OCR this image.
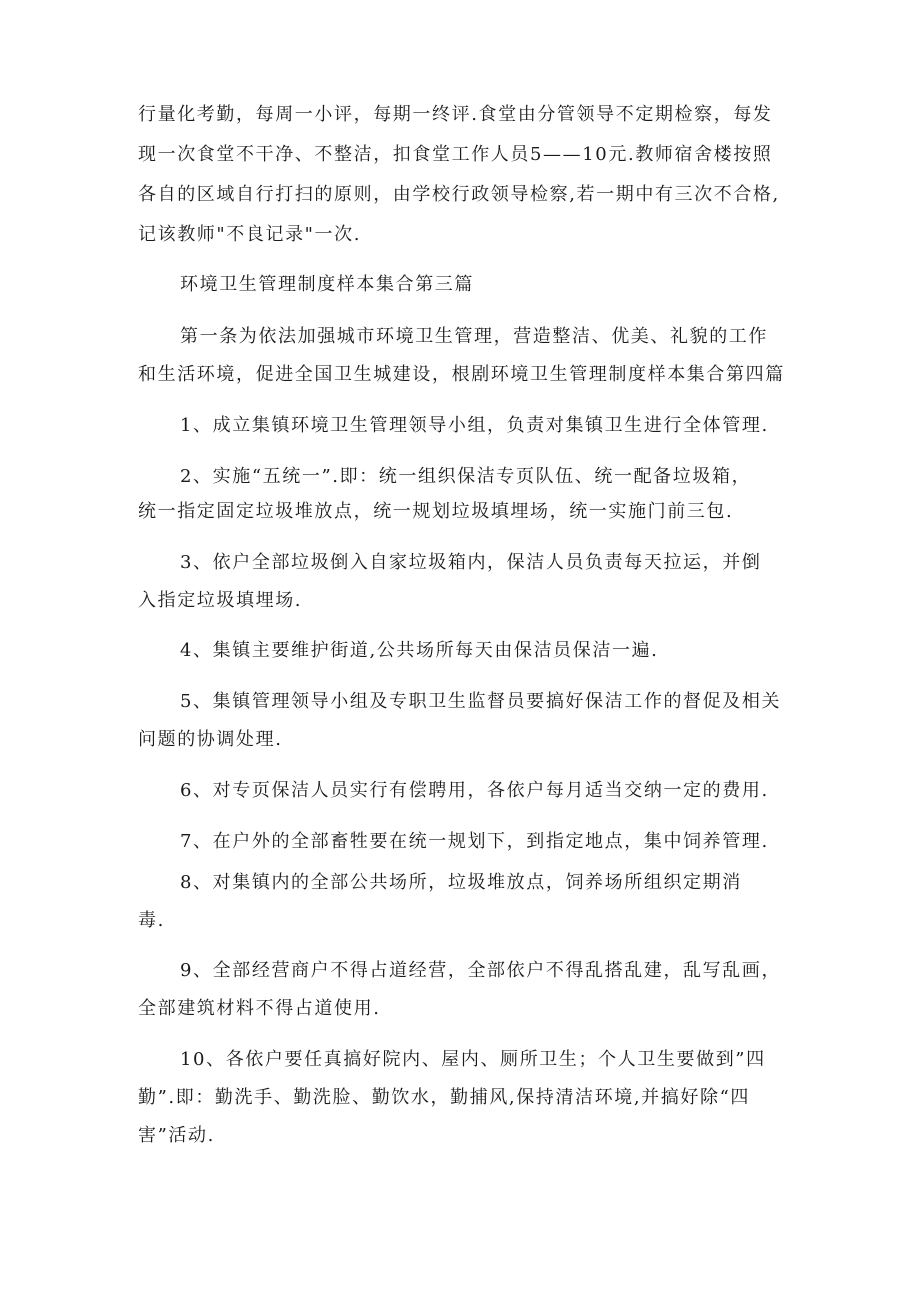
行量化考勤，每周一小评，每期一终评.食堂由分管领导不定期检察，每发
现一次食堂不干净、不整洁，扣食堂工作人员5——10元.教师宿舍楼按照
各自的区域自行打扫的原则，由学校行政领导检察,若一期中有三次不合格,
记该教师"不良记录"一次.
环境卫生管理制度样本集合第三篇
第一条为依法加强城市环境卫生管理，营造整洁、优美、礼貌的工作
和生活环境，促进全国卫生城建设，根剧环境卫生管理制度样本集合第四篇
1、成立集镇环境卫生管理领导小组，负责对集镇卫生进行全体管理.
2、实施“五统一”.即：统一组织保洁专页队伍、统一配备垃圾箱，
统一指定固定垃圾堆放点，统一规划垃圾填埋场，统一实施门前三包.
3、依户全部垃圾倒入自家垃圾箱内，保洁人员负责每天拉运，并倒
入指定垃圾填埋场.
4、集镇主要维护街道,公共场所每天由保洁员保洁一遍.
5、集镇管理领导小组及专职卫生监督员要搞好保洁工作的督促及相关
问题的协调处理.
6、对专页保洁人员实行有偿聘用，各依户每月适当交纳一定的费用.
7、在户外的全部畜牲要在统一规划下，到指定地点，集中饲养管理.
8、对集镇内的全部公共场所，垃圾堆放点，饲养场所组织定期消
毒.
9、全部经营商户不得占道经营，全部依户不得乱搭乱建，乱写乱画，
全部建筑材料不得占道使用.
10、各依户要任真搞好院内、屋内、厕所卫生；个人卫生要做到”四
勤”.即：勤洗手、勤洗脸、勤饮水，勤捕风,保持清洁环境,并搞好除“四
害”活动.
